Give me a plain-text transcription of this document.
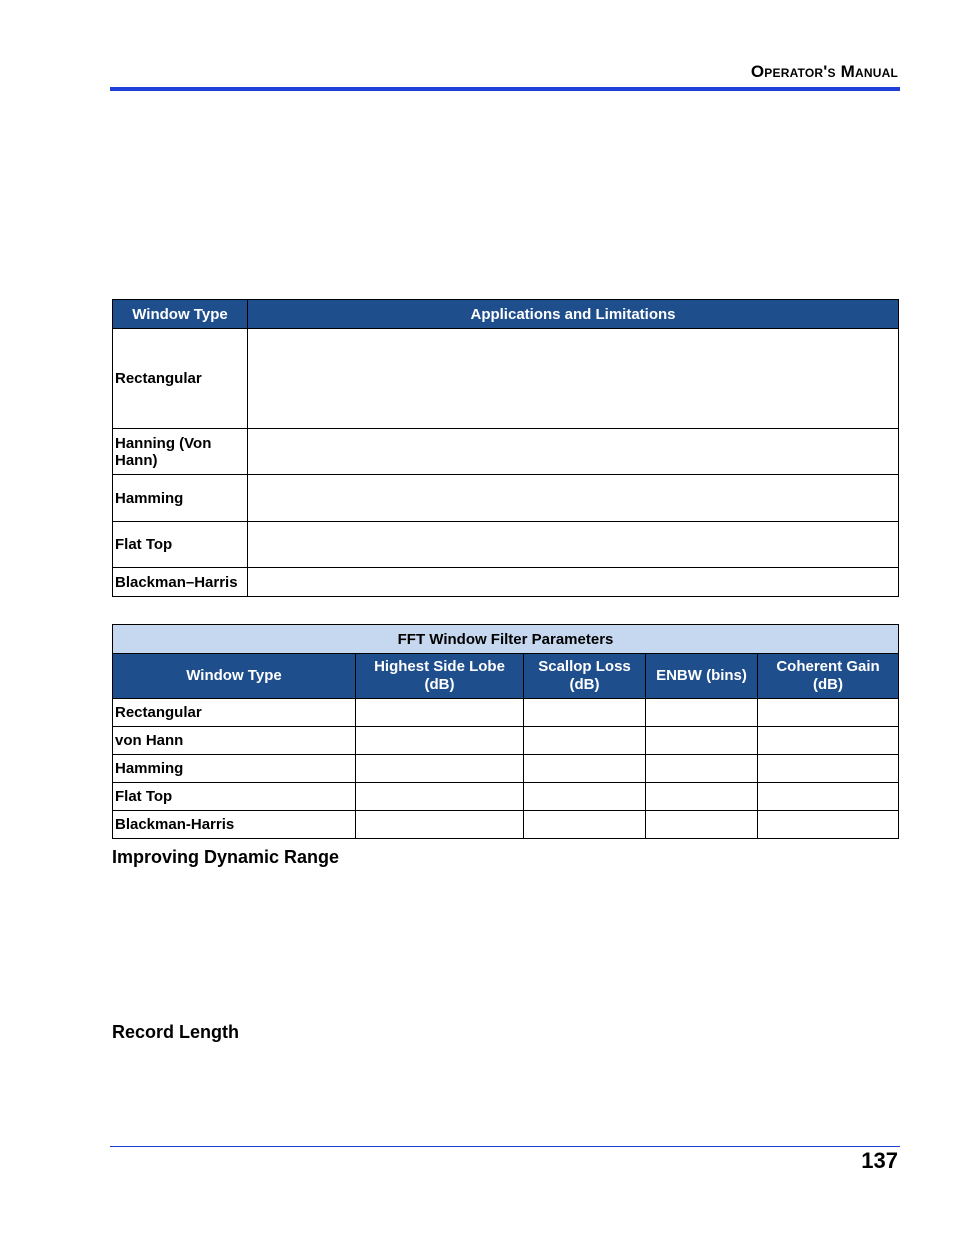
Operator's Manual
Window Type	Applications and Limitations
Rectangular	
Hanning (Von Hann)	
Hamming	
Flat Top	
Blackman–Harris	
FFT Window Filter Parameters				
Window Type	Highest Side Lobe (dB)	Scallop Loss (dB)	ENBW (bins)	Coherent Gain (dB)
Rectangular				
von Hann				
Hamming				
Flat Top				
Blackman-Harris				
Improving Dynamic Range
Record Length
137
